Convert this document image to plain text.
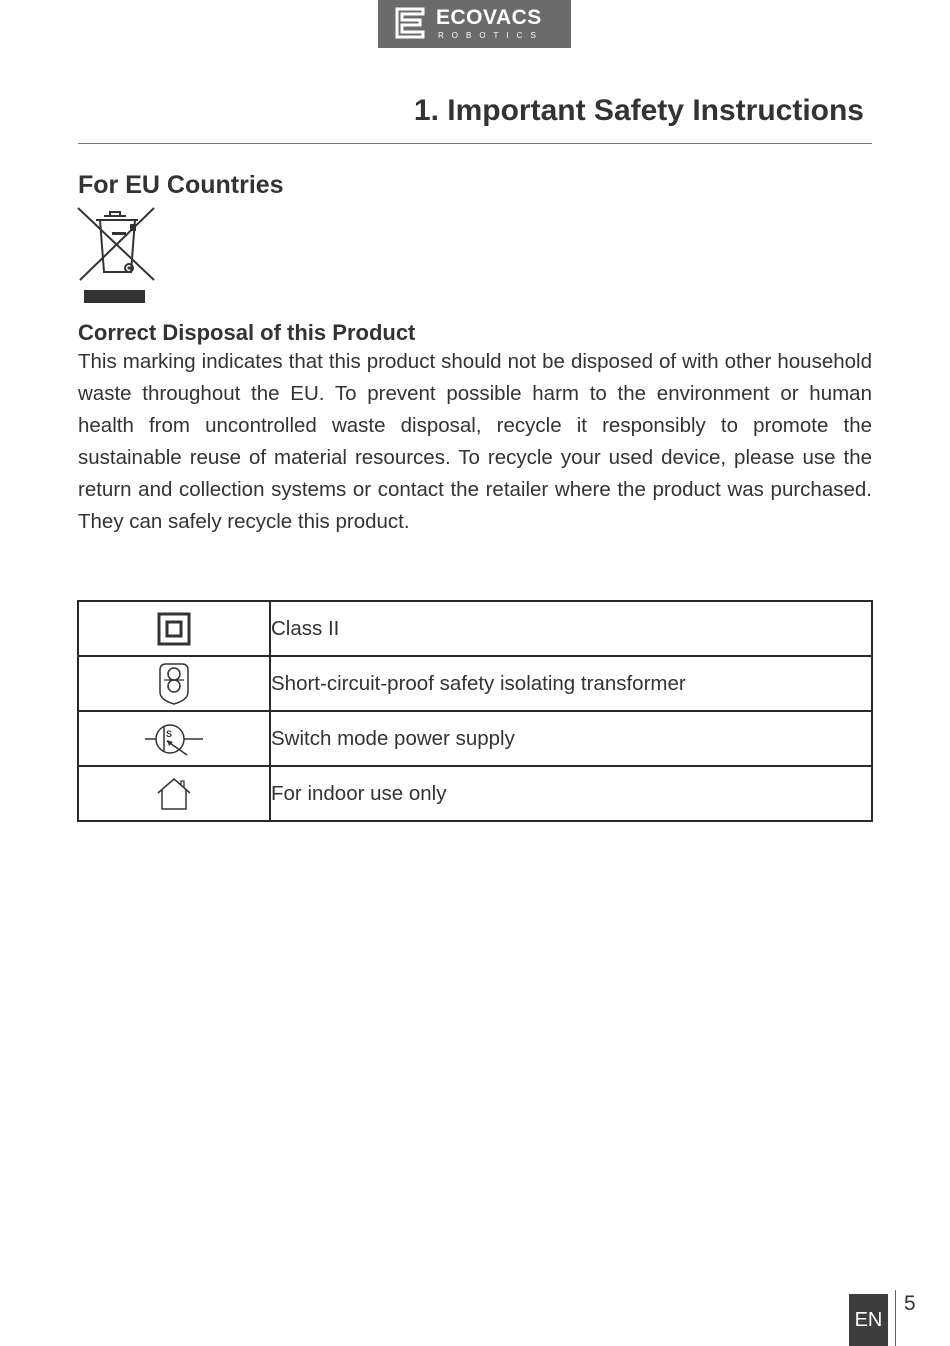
ECOVACS
ROBOTICS
1. Important Safety Instructions
For EU Countries
Correct Disposal of this Product

This marking indicates that this product should not be disposed of with other household waste throughout the EU. To prevent possible harm to the environment or human health from uncontrolled waste disposal, recycle it responsibly to promote the sustainable reuse of material resources. To recycle your used device, please use the return and collection systems or contact the retailer where the product was purchased. They can safely recycle this product.

	Class II
	Short-circuit-proof safety isolating transformer

S	Switch mode power supply
	For indoor use only
EN
5
